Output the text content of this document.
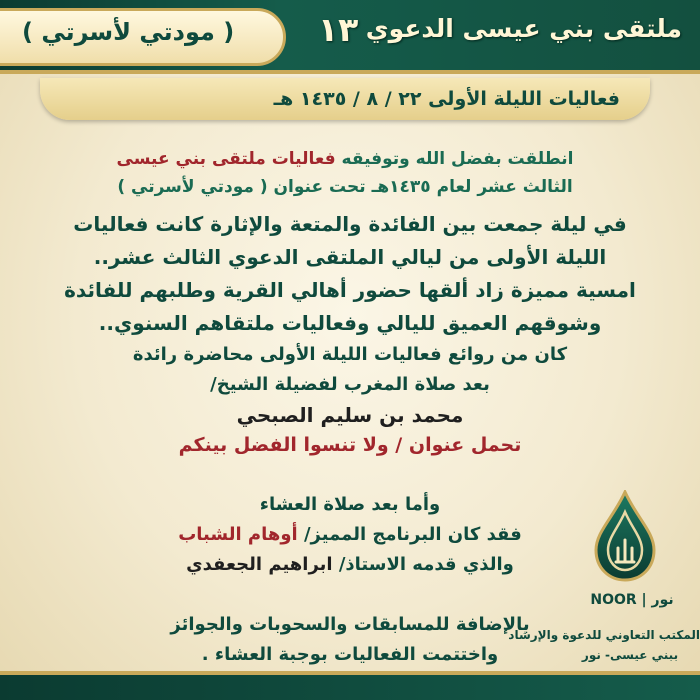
( مودتي لأسرتي )	١٣ ملتقى بني عيسى الدعوي
فعاليات الليلة الأولى ٢٢ / ٨ / ١٤٣٥ هـ
انطلقت بفضل الله وتوفيقه فعاليات ملتقى بني عيسى
الثالث عشر لعام ١٤٣٥هـ تحت عنوان ( مودتي لأسرتي )
في ليلة جمعت بين الفائدة والمتعة والإثارة كانت فعاليات
الليلة الأولى من ليالي الملتقى الدعوي الثالث عشر..
امسية مميزة زاد ألقها حضور أهالي القرية وطلبهم للفائدة
وشوقهم العميق لليالي وفعاليات ملتقاهم السنوي..
كان من روائع فعاليات الليلة الأولى محاضرة رائدة
بعد صلاة المغرب لفضيلة الشيخ/
محمد بن سليم الصبحي
تحمل عنوان / ولا تنسوا الفضل بينكم
وأما بعد صلاة العشاء
فقد كان البرنامج المميز/ أوهام الشباب
والذي قدمه الاستاذ/ ابراهيم الجعفدي
بالإضافة للمسابقات والسحوبات والجوائز
واختتمت الفعاليات بوجبة العشاء .
NOOR | نور
المكتب التعاوني للدعوة والإرشاد
ببني عيسى- نور
